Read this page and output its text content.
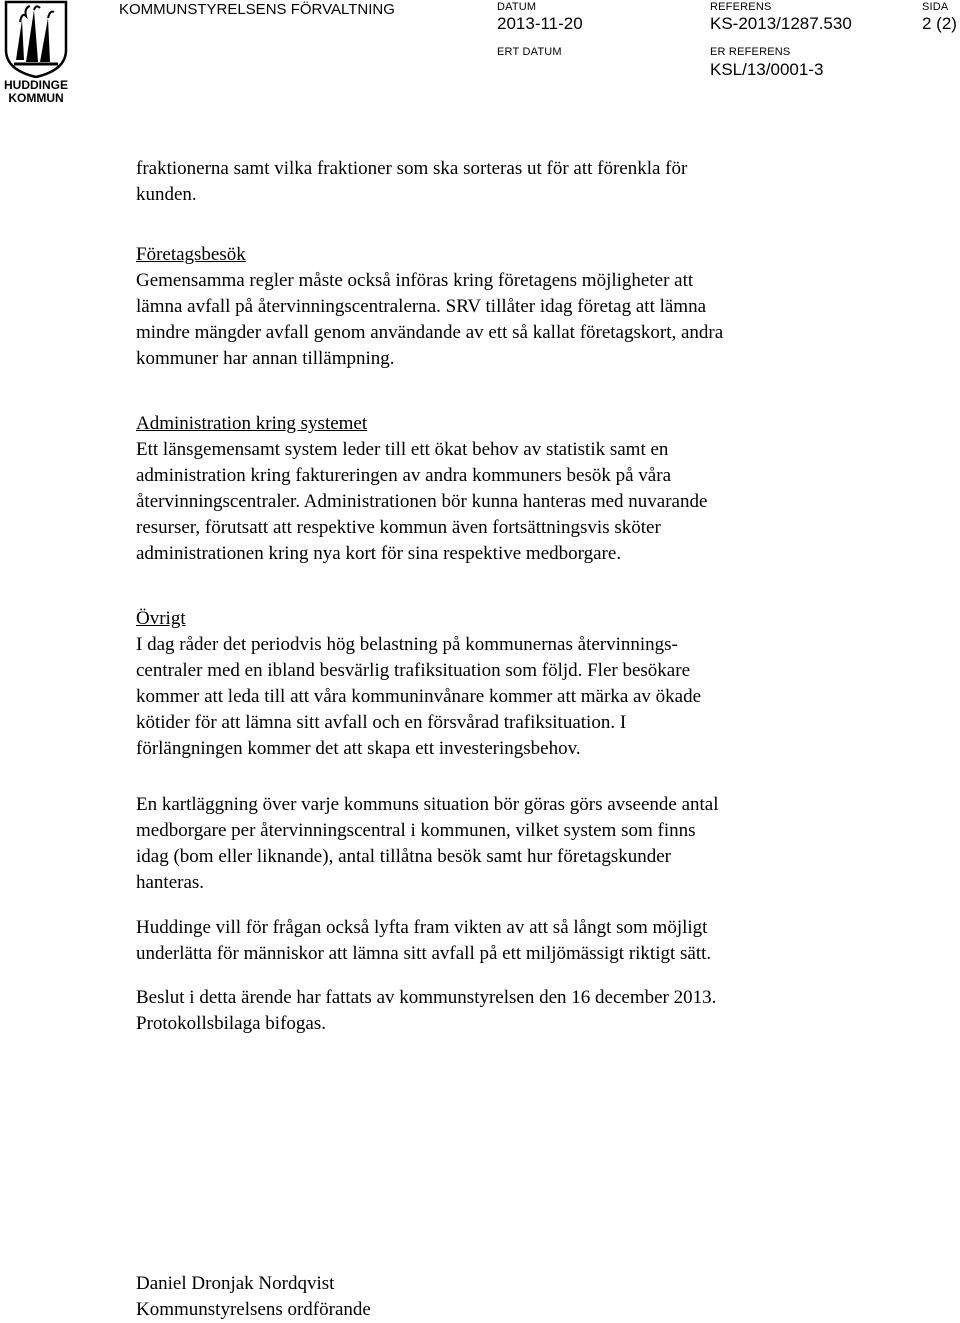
HUDDINGE
KOMMUN
KOMMUNSTYRELSENS FÖRVALTNING	DATUM
2013-11-20
ERT DATUM
REFERENS
KS-2013/1287.530
ER REFERENS
KSL/13/0001-3
SIDA
2 (2)

fraktionerna samt vilka fraktioner som ska sorteras ut för att förenkla för

kunden.

Företagsbesök

Gemensamma regler måste också införas kring företagens möjligheter att

lämna avfall på återvinningscentralerna. SRV tillåter idag företag att lämna

mindre mängder avfall genom användande av ett så kallat företagskort, andra

kommuner har annan tillämpning.

Administration kring systemet

Ett länsgemensamt system leder till ett ökat behov av statistik samt en

administration kring faktureringen av andra kommuners besök på våra

återvinningscentraler. Administrationen bör kunna hanteras med nuvarande

resurser, förutsatt att respektive kommun även fortsättningsvis sköter

administrationen kring nya kort för sina respektive medborgare.

Övrigt

I dag råder det periodvis hög belastning på kommunernas återvinnings-

centraler med en ibland besvärlig trafiksituation som följd. Fler besökare

kommer att leda till att våra kommuninvånare kommer att märka av ökade

kötider för att lämna sitt avfall och en försvårad trafiksituation. I

förlängningen kommer det att skapa ett investeringsbehov.

En kartläggning över varje kommuns situation bör göras görs avseende antal

medborgare per återvinningscentral i kommunen, vilket system som finns

idag (bom eller liknande), antal tillåtna besök samt hur företagskunder

hanteras.

Huddinge vill för frågan också lyfta fram vikten av att så långt som möjligt

underlätta för människor att lämna sitt avfall på ett miljömässigt riktigt sätt.

Beslut i detta ärende har fattats av kommunstyrelsen den 16 december 2013.

Protokollsbilaga bifogas.

Daniel Dronjak Nordqvist

Kommunstyrelsens ordförande
